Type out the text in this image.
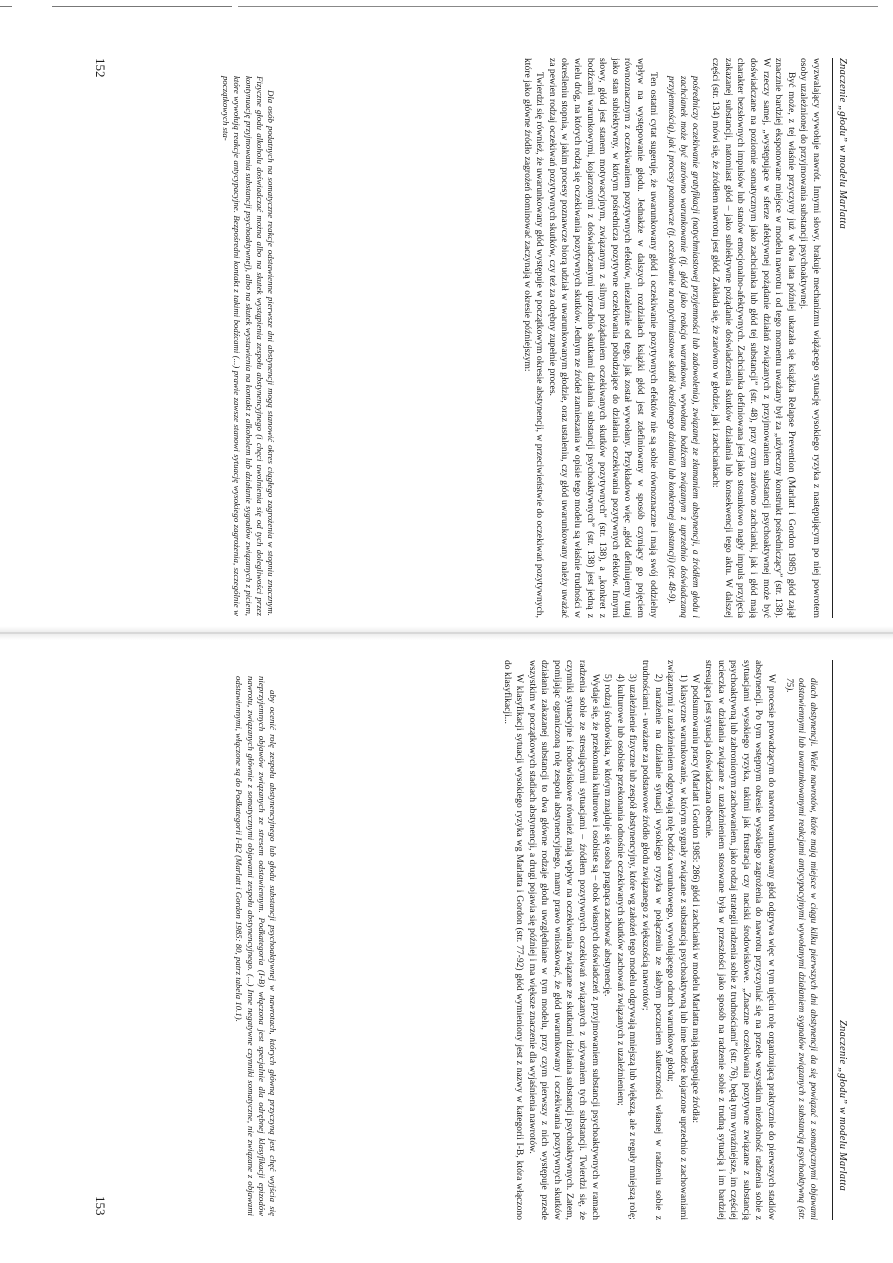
Znaczenie „głodu” w modelu Marlatta

wyzwalający wywołuje nawrót. Innymi słowy, brakuje mechanizmu wiążącego sytuację wysokiego ryzyka z następującym po niej powrotem osoby uzależnionej do przyjmowania substancji psychoaktywnej.

Być może, z tej właśnie przyczyny już w dwa lata później ukazała się książka Relapse Prevention (Marlatt i Gordon 1985) głód zajął znacznie bardziej eksponowane miejsce w modelu nawrotu i od tego momentu uważany był za „użyteczny konstrukt pośredniczący” (str. 138). W rzeczy samej, „występujące w sferze afektywnej pożądanie działań związanych z przyjmowaniem substancji psychoaktywnej może być doświadczane na poziomie somatycznym jako zachcianka lub głód tej substancji” (str. 48), przy czym zarówno zachcianki, jak i głód mają charakter bezsłownych impulsów lub stanów emocjonalno-afektywnych. Zachcianka definiowana jest jako stosunkowo nagły impuls przyjęcia zakazanej substancji, natomiast głód – jako subiektywne pożądanie doświadczenia skutków działania lub konsekwencji tego aktu. W dalszej części (str. 134) mówi się, że źródłem nawrotu jest głód. Zakłada się, że zarówno w głodzie, jak i zachciankach:

pośredniczy oczekiwanie gratyfikacji (natychmiastowej przyjemności lub zadowolenia), związanej ze złamaniem abstynencji, a źródłem głodu i zachcianek może być zarówno warunkowanie (tj. głód jako reakcja warunkowa, wywołana bodźcem związanym z uprzednio doświadczaną przyjemnością), jak i procesy poznawcze (tj. oczekiwanie na natychmiastowe skutki określonego działania lub konkretnej substancji) (str. 48-9).

Ten ostatni cytat sugeruje, że uwarunkowany głód i oczekiwanie pozytywnych efektów nie są sobie równoznaczne i mają swój oddzielny wpływ na występowanie głodu. Jednakże w dalszych rozdziałach książki głód jest zdefiniowany w sposób czyniący go pojęciem równoznacznym z oczekiwaniem pozytywnych efektów, niezależnie od tego, jak został wywołany. Przykładowo więc „głód definiujemy tutaj jako stan subiektywny, w którym pośrednicza pozytywne oczekiwania pobudzające do działania oczekiwania pozytywnych efektów. Innymi słowy, głód jest stanem motywacyjnym, związanym z silnym pożądaniem oczekiwanych skutków pozytywnych” (str. 138), a „konkret z bodźcami warunkowymi, kojarzonymi z doświadczanymi uprzednio skutkami działania substancji psychoaktywnych” (str. 138) jest jedną z wielu dróg, na których rodzą się oczekiwania pozytywnych skutków. Jednym ze źródeł zamieszania w opisie tego modelu są właśnie trudności w określeniu stopnia, w jakim procesy poznawcze biorą udział w uwarunkowanym głodzie, oraz ustaleniu, czy głód uwarunkowany należy uważać za pewien rodzaj oczekiwań pozytywnych skutków, czy też za odrębny zupełnie proces.

Twierdzi się również, że uwarunkowany głód występuje w początkowym okresie abstynencji, w przeciwieństwie do oczekiwań pozytywnych, które jako główne źródło zagrożeń dominować zaczynają w okresie późniejszym:

Dla osób podatnych na somatyczne reakcje odstawienne pierwsze dni abstynencji mogą stanowić okres ciągłego zagrożenia w stopniu znacznym. Fizyczne głodu alkoholu doświadczać można albo na skutek wystąpienia zespołu abstynencyjnego (i chęci uwolnienia się od tych dolegliwości przez kontynuację przyjmowania substancji psychoaktywnej), albo na skutek wystawienia na kontakt z alkoholem lub działanie sygnałów związanych z piciem, które wywołują reakcje antycypacyjne. Bezpośredni kontakt z takimi bodźcami (...) prawie zawsze stanowi sytuację wysokiego zagrożenia, szczególnie w początkowych sta-

152
Znaczenie „głodu” w modelu Marlatta

diach abstynencji. Wiele nawrotów, które mają miejsce w ciągu kilku pierwszych dni abstynencji da się powiązać z somatycznymi objawami odstawiennymi lub uwarunkowanymi reakcjami antycypacyjnymi wywołanymi działaniem sygnałów związanych z substancją psychoaktywną (str. 75).

W procesie prowadzącym do nawrotu warunkowany głód odgrywa więc w tym ujęciu rolę organizującą praktycznie do pierwszych stadiów abstynencji. Po tym wstępnym okresie wysokiego zagrożenia do nawrotu przyczyniać się na przede wszystkim niezdolność radzenia sobie z sytuacjami wysokiego ryzyka, takimi jak frustracja czy naciski środowiskowe. „Znaczne oczekiwania pozytywne związane z substancją psychoaktywną lub zabronionym zachowaniem, jako rodzaj strategii radzenia sobie z trudnościami” (str. 76), będą tym wyraźniejsze, im częściej ucieczka w działania związane z uzależnieniem stosowane była w przeszłości jako sposób na radzenie sobie z trudną sytuacją i im bardziej stresująca jest sytuacja doświadczana obecnie.

W podsumowaniu pracy (Marlatt i Gordon 1985: 286) głód i zachcianki w modelu Marlatta mają następujące źródła:

1) klasyczne warunkowanie, w którym sygnały związane z substancją psychoaktywną lub inne bodźce kojarzone uprzednio z zachowaniami związanymi z uzależnieniem odgrywają rolę bodźca warunkowego, wywołującego odruch warunkowy głodu;

2) narażenie na działanie sytuacji wysokiego ryzyka w połączeniu ze słabym poczuciem skuteczności własnej w radzeniu sobie z trudnościami - uważane za podstawowe źródło głodu związanego z większością nawrotów;

3) uzależnienie fizyczne lub zespół abstynencyjny, które wg założeń tego modelu odgrywają mniejszą lub większą, ale z reguły mniejszą rolę;

4) kulturowe lub osobiste przekonania odnośnie oczekiwanych skutków zachowań związanych z uzależnieniem;

5) rodzaj środowiska, w którym znajduje się osoba pragnąca zachować abstynencję.

Wydaje się, że przekonania kulturowe i osobiste są – obok własnych doświadczeń z przyjmowaniem substancji psychoaktywnych w ramach radzenia sobie ze stresującymi sytuacjami – źródłem pozytywnych oczekiwań związanych z używaniem tych substancji. Twierdzi się, że czynniki sytuacyjne i środowiskowe również mają wpływ na oczekiwania związane ze skutkami działania substancji psychoaktywnych. Zatem, pomijając ograniczoną rolę zespołu abstynencyjnego, mamy prawo wnioskować, że głód uwarunkowany i oczekiwania pozytywnych skutków działania zakazanej substancji to dwa główne rodzaje głodu uwzględniane w tym modelu, przy czym pierwszy z nich występuje przede wszystkim w początkowych stadiach abstynencji, a drugi pojawia się później i ma większe znaczenie dla wyjaśnienia nawrotów.

W klasyfikacji sytuacji wysokiego ryzyka wg Marlatta i Gordon (str. 77-92) głód wymieniony jest z nazwy w kategorii I-B, która włączono do klasyfikacji...

aby ocenić rolę zespołu abstynencyjnego lub głodu substancji psychoaktywnej w nawrotach, których główną przyczyną jest chęć wyjścia się nieprzyjemnych objawów związanych ze stresem odstawiennym. Podkategoria (I-B) włączona jest specjalnie dla odrębnej klasyfikacji epizodów nawrotu, związanych głównie z somatycznymi objawami zespołu abstynencyjnego. (...) Inne negatywne czynniki somatyczne, nie związane z objawami odstawiennymi, włączone są do Podkategorii I-B2 (Marlatt i Gordon 1985: 80, patrz tabela 10.1).

153
